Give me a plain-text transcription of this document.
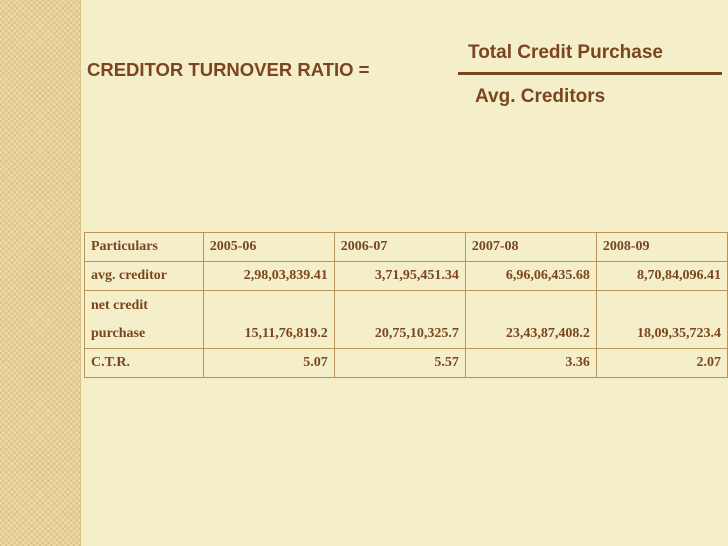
CREDITOR TURNOVER RATIO =
Total Credit Purchase
Avg. Creditors
Particulars	2005-06	2006-07	2007-08	2008-09
avg. creditor	2,98,03,839.41	3,71,95,451.34	6,96,06,435.68	8,70,84,096.41

net credit
purchase	15,11,76,819.2	20,75,10,325.7	23,43,87,408.2	18,09,35,723.4

C.T.R.	5.07	5.57	3.36	2.07
